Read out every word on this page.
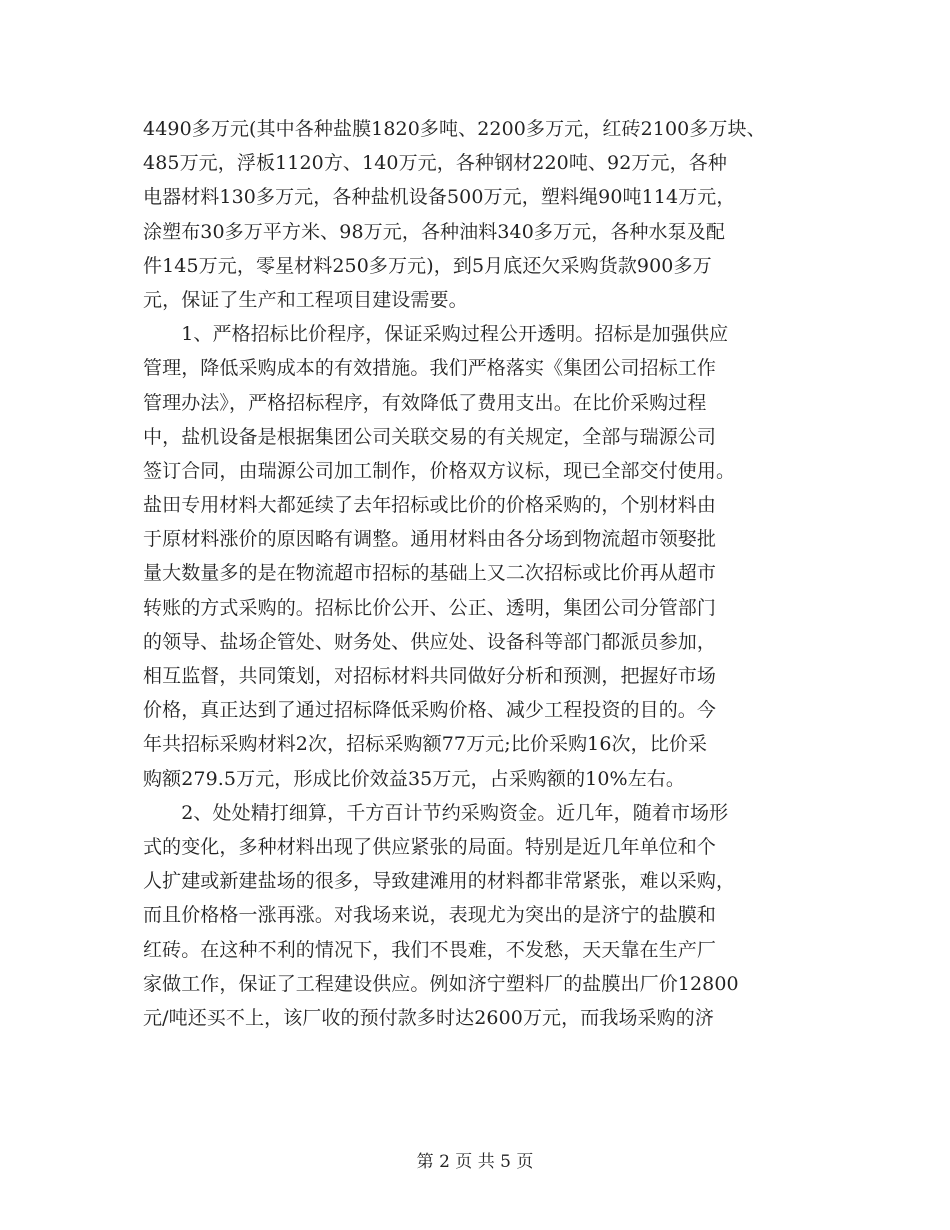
4490多万元(其中各种盐膜1820多吨、2200多万元，红砖2100多万块、
485万元，浮板1120方、140万元，各种钢材220吨、92万元，各种
电器材料130多万元，各种盐机设备500万元，塑料绳90吨114万元，
涂塑布30多万平方米、98万元，各种油料340多万元，各种水泵及配
件145万元，零星材料250多万元)，到5月底还欠采购货款900多万
元，保证了生产和工程项目建设需要。
　　1、严格招标比价程序，保证采购过程公开透明。招标是加强供应
管理，降低采购成本的有效措施。我们严格落实《集团公司招标工作
管理办法》，严格招标程序，有效降低了费用支出。在比价采购过程
中，盐机设备是根据集团公司关联交易的有关规定，全部与瑞源公司
签订合同，由瑞源公司加工制作，价格双方议标，现已全部交付使用。
盐田专用材料大都延续了去年招标或比价的价格采购的，个别材料由
于原材料涨价的原因略有调整。通用材料由各分场到物流超市领娶批
量大数量多的是在物流超市招标的基础上又二次招标或比价再从超市
转账的方式采购的。招标比价公开、公正、透明，集团公司分管部门
的领导、盐场企管处、财务处、供应处、设备科等部门都派员参加，
相互监督，共同策划，对招标材料共同做好分析和预测，把握好市场
价格，真正达到了通过招标降低采购价格、减少工程投资的目的。今
年共招标采购材料2次，招标采购额77万元;比价采购16次，比价采
购额279.5万元，形成比价效益35万元，占采购额的10%左右。
　　2、处处精打细算，千方百计节约采购资金。近几年，随着市场形
式的变化，多种材料出现了供应紧张的局面。特别是近几年单位和个
人扩建或新建盐场的很多，导致建滩用的材料都非常紧张，难以采购，
而且价格格一涨再涨。对我场来说，表现尤为突出的是济宁的盐膜和
红砖。在这种不利的情况下，我们不畏难，不发愁，天天靠在生产厂
家做工作，保证了工程建设供应。例如济宁塑料厂的盐膜出厂价12800
元/吨还买不上，该厂收的预付款多时达2600万元，而我场采购的济
第 2 页 共 5 页
